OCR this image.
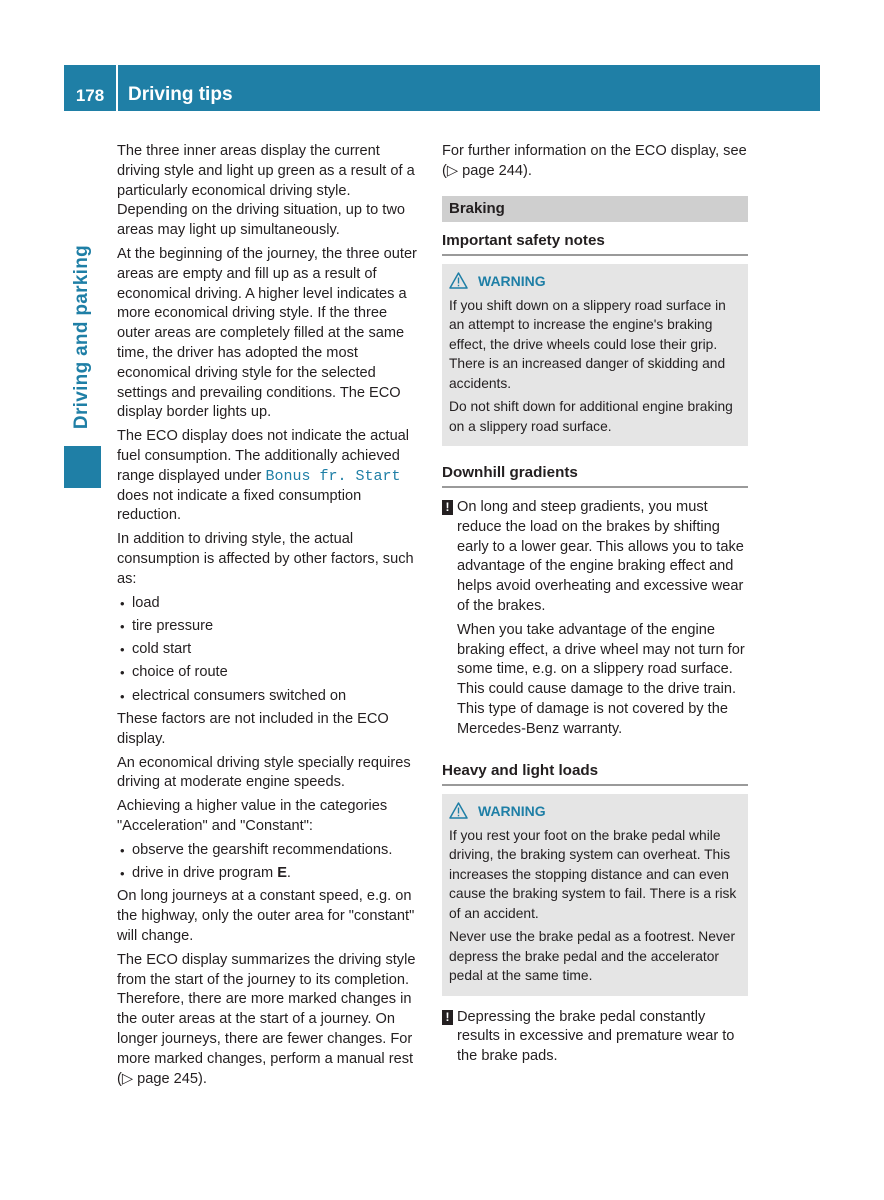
178	Driving tips
Driving and parking

The three inner areas display the current driving style and light up green as a result of a particularly economical driving style. Depending on the driving situation, up to two areas may light up simultaneously.

At the beginning of the journey, the three outer areas are empty and fill up as a result of economical driving. A higher level indicates a more economical driving style. If the three outer areas are completely filled at the same time, the driver has adopted the most economical driving style for the selected settings and prevailing conditions. The ECO display border lights up.

The ECO display does not indicate the actual fuel consumption. The additionally achieved range displayed under Bonus fr. Start does not indicate a fixed consumption reduction.

In addition to driving style, the actual consumption is affected by other factors, such as:

• load
• tire pressure
• cold start
• choice of route
• electrical consumers switched on

These factors are not included in the ECO display.

An economical driving style specially requires driving at moderate engine speeds.

Achieving a higher value in the categories "Acceleration" and "Constant":

• observe the gearshift recommendations.
• drive in drive program E.

On long journeys at a constant speed, e.g. on the highway, only the outer area for "constant" will change.

The ECO display summarizes the driving style from the start of the journey to its completion. Therefore, there are more marked changes in the outer areas at the start of a journey. On longer journeys, there are fewer changes. For more marked changes, perform a manual rest (▷ page 245).

For further information on the ECO display, see (▷ page 244).

Braking
Important safety notes
WARNING

If you shift down on a slippery road surface in an attempt to increase the engine's braking effect, the drive wheels could lose their grip. There is an increased danger of skidding and accidents.

Do not shift down for additional engine braking on a slippery road surface.

Downhill gradients
! On long and steep gradients, you must reduce the load on the brakes by shifting early to a lower gear. This allows you to take advantage of the engine braking effect and helps avoid overheating and excessive wear of the brakes.

When you take advantage of the engine braking effect, a drive wheel may not turn for some time, e.g. on a slippery road surface. This could cause damage to the drive train. This type of damage is not covered by the Mercedes-Benz warranty.

Heavy and light loads
WARNING

If you rest your foot on the brake pedal while driving, the braking system can overheat. This increases the stopping distance and can even cause the braking system to fail. There is a risk of an accident.

Never use the brake pedal as a footrest. Never depress the brake pedal and the accelerator pedal at the same time.

! Depressing the brake pedal constantly results in excessive and premature wear to the brake pads.
